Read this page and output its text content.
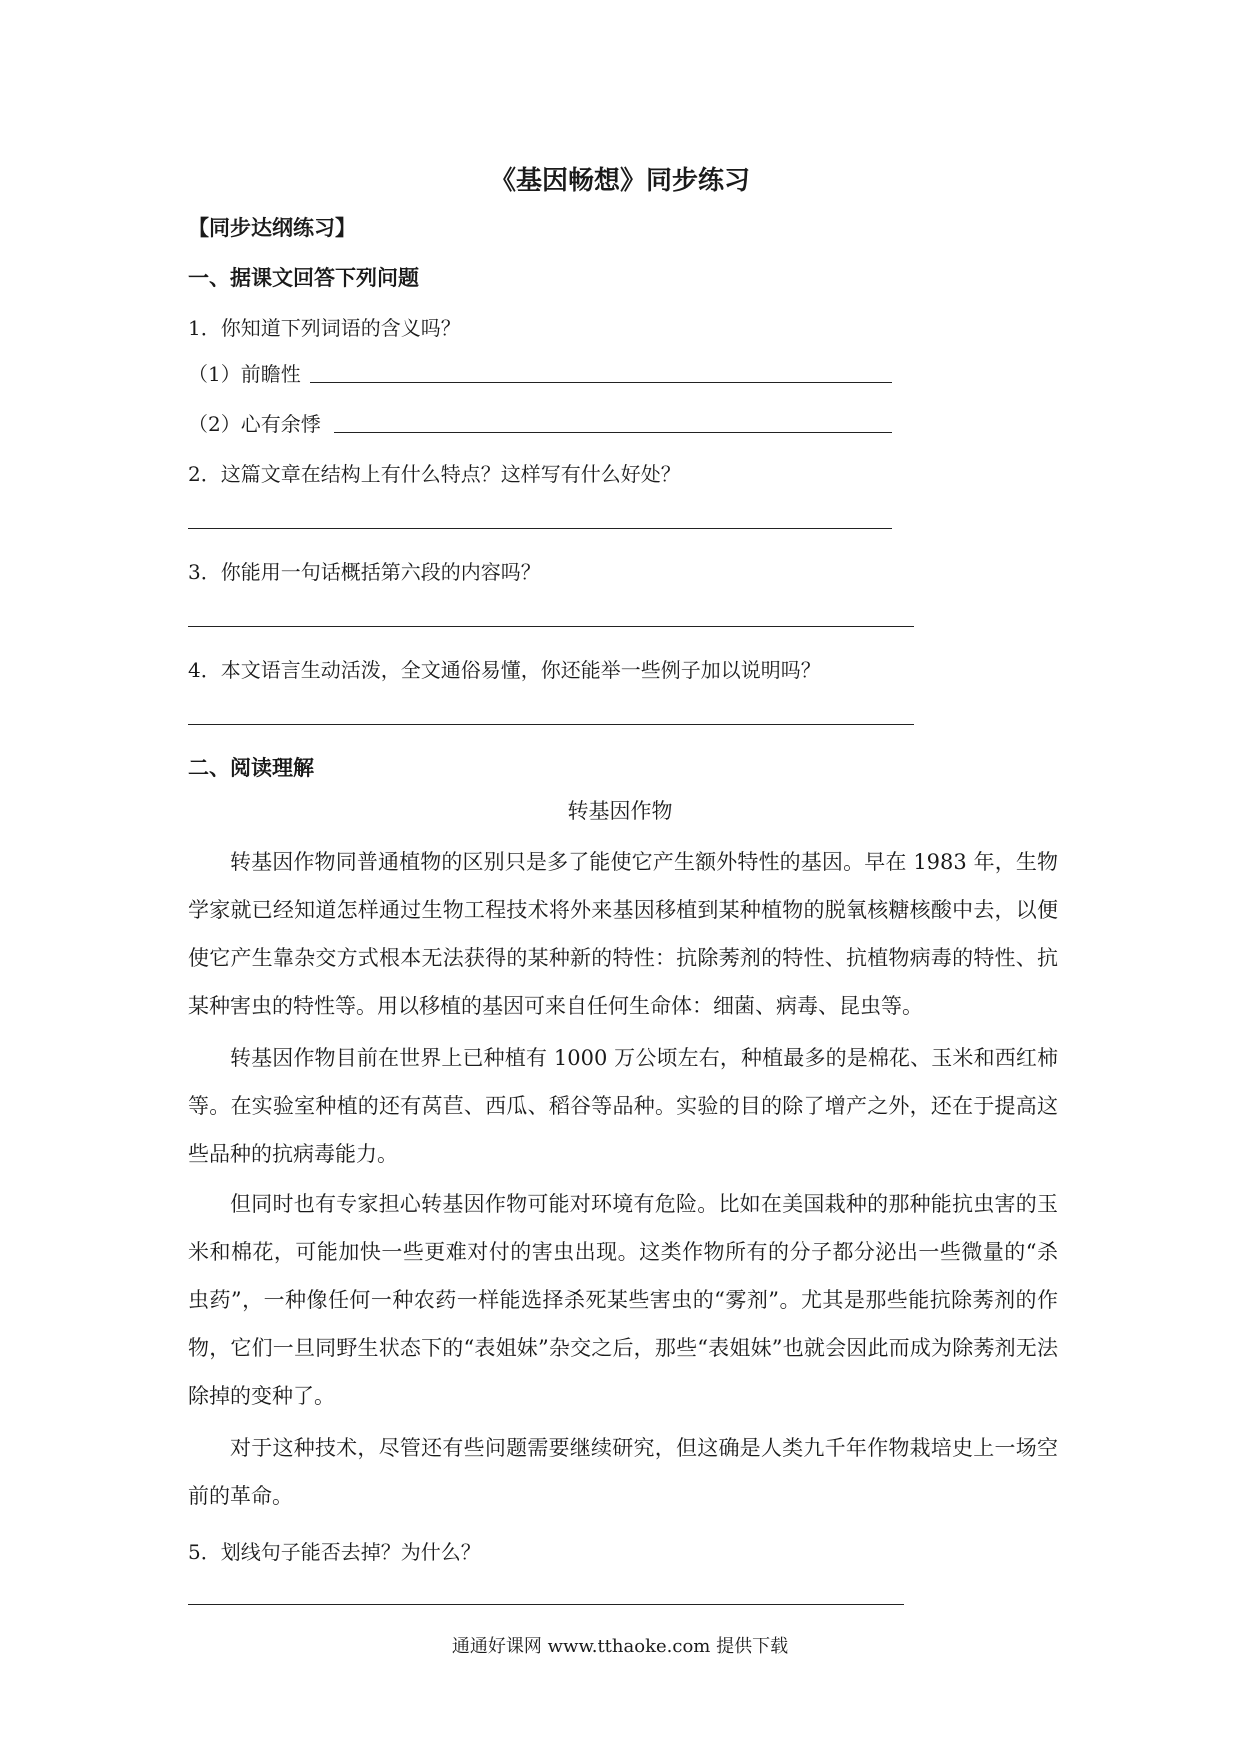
《基因畅想》同步练习
【同步达纲练习】
一、据课文回答下列问题
1．你知道下列词语的含义吗？
（1）前瞻性
（2）心有余悸
2．这篇文章在结构上有什么特点？这样写有什么好处？
3．你能用一句话概括第六段的内容吗？
4．本文语言生动活泼，全文通俗易懂，你还能举一些例子加以说明吗？
二、阅读理解
转基因作物

转基因作物同普通植物的区别只是多了能使它产生额外特性的基因。早在 1983 年，生物学家就已经知道怎样通过生物工程技术将外来基因移植到某种植物的脱氧核糖核酸中去，以便使它产生靠杂交方式根本无法获得的某种新的特性：抗除莠剂的特性、抗植物病毒的特性、抗某种害虫的特性等。用以移植的基因可来自任何生命体：细菌、病毒、昆虫等。

转基因作物目前在世界上已种植有 1000 万公顷左右，种植最多的是棉花、玉米和西红柿等。在实验室种植的还有莴苣、西瓜、稻谷等品种。实验的目的除了增产之外，还在于提高这些品种的抗病毒能力。

但同时也有专家担心转基因作物可能对环境有危险。比如在美国栽种的那种能抗虫害的玉米和棉花，可能加快一些更难对付的害虫出现。这类作物所有的分子都分泌出一些微量的“杀虫药”，一种像任何一种农药一样能选择杀死某些害虫的“雾剂”。尤其是那些能抗除莠剂的作物，它们一旦同野生状态下的“表姐妹”杂交之后，那些“表姐妹”也就会因此而成为除莠剂无法除掉的变种了。

对于这种技术，尽管还有些问题需要继续研究，但这确是人类九千年作物栽培史上一场空前的革命。

5．划线句子能否去掉？为什么？
通通好课网 www.tthaoke.com 提供下载
